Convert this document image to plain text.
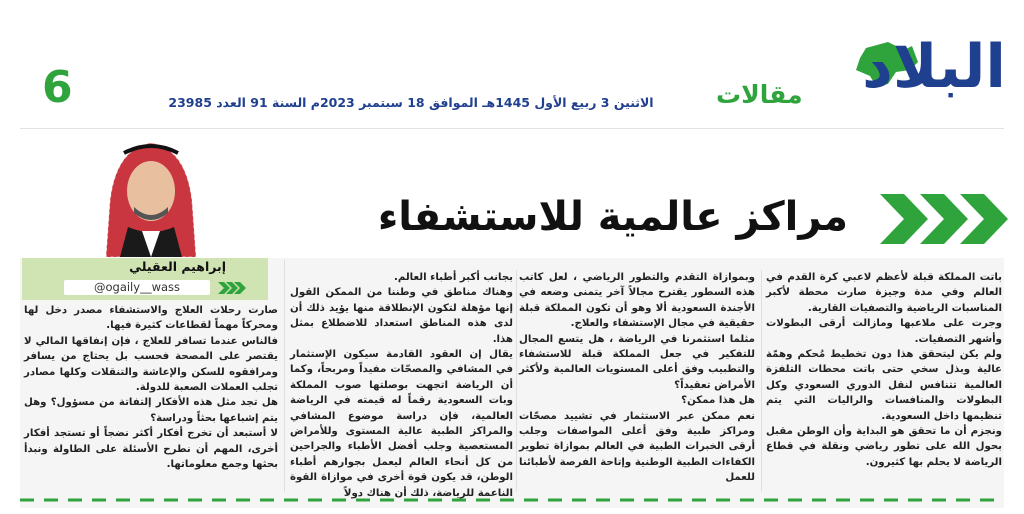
البلاد
مقالات
الاثنين 3 ربيع الأول 1445هـ الموافق 18 سبتمبر 2023م السنة 91 العدد 23985
6
مراكز عالمية للاستشفاء
إبراهيم العقيلي
@ogaily__wass

باتت المملكة قبلة لأعظم لاعبي كرة القدم في العالم وفي مدة وجيزة صارت محطة لأكبر المناسبات الرياضية والتصفيات القارية.

وجرت على ملاعبها ومازالت أرقى البطولات وأشهر التصفيات.

ولم يكن ليتحقق هذا دون تخطيط مُحكم وهمّة عالية وبذل سخي حتى باتت محطات التلفزة العالمية تتنافس لنقل الدوري السعودي وكل البطولات والمنافسات والراليات التي يتم تنظيمها داخل السعودية.

ونجزم أن ما تحقق هو البداية وأن الوطن مقبل بحول الله على تطور رياضي ونقلة في قطاع الرياضة لا يحلم بها كثيرون.

وبموازاة التقدم والتطور الرياضي ، لعل كاتب هذه السطور يقترح مجالاً آخر يتمنى وضعه في الأجندة السعودية ألا وهو أن تكون المملكة قبلة حقيقية في مجال الإستشفاء والعلاج.

مثلما استثمرنا في الرياضة ، هل يتسع المجال للتفكير في جعل المملكة قبلة للاستشفاء والتطبيب وفق أعلى المستويات العالمية ولأكثر الأمراض تعقيداً؟

هل هذا ممكن؟

نعم ممكن عبر الاستثمار في تشييد مصحّات ومراكز طبية وفق أعلى المواصفات وجلب أرقى الخبرات الطبية في العالم بموازاة تطوير الكفاءات الطبية الوطنية وإتاحة الفرصة لأطبائنا للعمل

بجانب أكبر أطباء العالم.

وهناك مناطق في وطننا من الممكن القول إنها مؤهلة لتكون الإنطلاقة منها يؤيد ذلك أن لدى هذه المناطق استعداد للاضطلاع بمثل هذا.

يقال إن العقود القادمة سيكون الإستثمار في المشافي والمصحّات مفيداً ومربحاً، وكما أن الرياضة اتجهت بوصلتها صوب المملكة وبات السعودية رقماً له قيمته في الرياضة العالمية، فإن دراسة موضوع المشافي والمراكز الطبية عالية المستوى وللأمراض المستعصية وجلب أفضل الأطباء والجراحين من كل أنحاء العالم ليعمل بجوارهم أطباء الوطن، قد يكون قوة أخرى في موازاة القوة الناعمة للرياضة، ذلك أن هناك دولاً

صارت رحلات العلاج والاستشفاء مصدر دخل لها ومحركاً مهماً لقطاعات كثيرة فيها.

فالناس عندما تسافر للعلاج ، فإن إنفاقها المالي لا يقتصر على المصحة فحسب بل يحتاج من يسافر ومرافقوه للسكن والإعاشة والتنقلات وكلها مصادر تجلب العملات الصعبة للدولة.

هل تجد مثل هذه الأفكار إلتفاتة من مسؤول؟ وهل يتم إشباعها بحثاً ودراسة؟

لا أستبعد أن تخرج أفكار أكثر نضجاً أو تستجد أفكار أخرى، المهم أن نطرح الأسئلة على الطاولة ونبدأ بحثها وجمع معلوماتها.
